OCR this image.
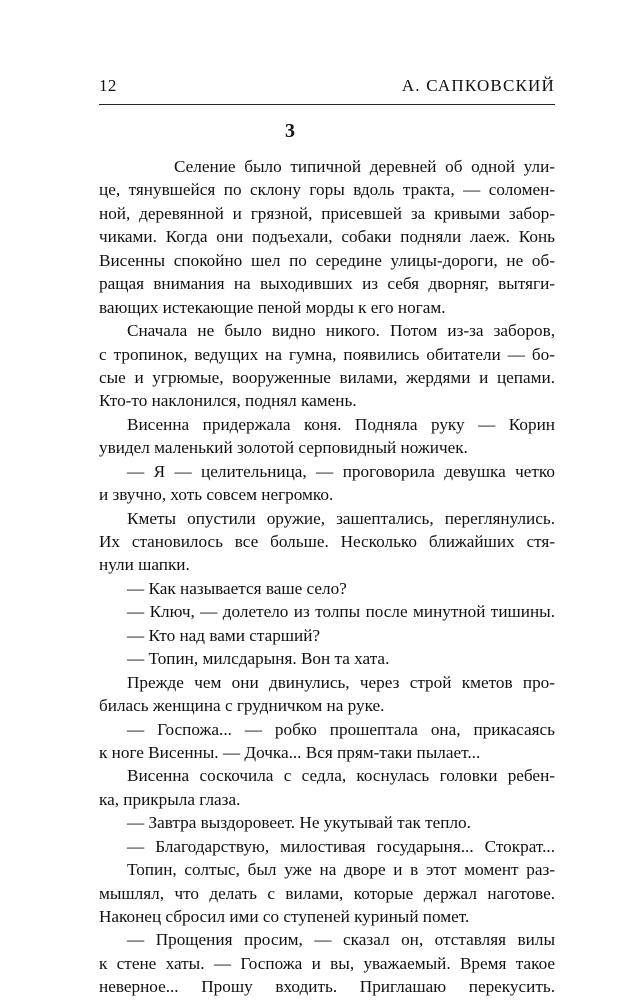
12	А. САПКОВСКИЙ
3
Селение было типичной деревней об одной ули-
це, тянувшейся по склону горы вдоль тракта, — соломен-
ной, деревянной и грязной, присевшей за кривыми забор-
чиками. Когда они подъехали, собаки подняли лаеж. Конь
Висенны спокойно шел по середине улицы-дороги, не об-
ращая внимания на выходивших из себя дворняг, вытяги-
вающих истекающие пеной морды к его ногам.
Сначала не было видно никого. Потом из-за заборов,
с тропинок, ведущих на гумна, появились обитатели — бо-
сые и угрюмые, вооруженные вилами, жердями и цепами.
Кто-то наклонился, поднял камень.
Висенна придержала коня. Подняла руку — Корин
увидел маленький золотой серповидный ножичек.
— Я — целительница, — проговорила девушка четко
и звучно, хоть совсем негромко.
Кметы опустили оружие, зашептались, переглянулись.
Их становилось все больше. Несколько ближайших стя-
нули шапки.
— Как называется ваше село?
— Ключ, — долетело из толпы после минутной тишины.
— Кто над вами старший?
— Топин, милсдарыня. Вон та хата.
Прежде чем они двинулись, через строй кметов про-
билась женщина с грудничком на руке.
— Госпожа... — робко прошептала она, прикасаясь
к ноге Висенны. — Дочка... Вся прям-таки пылает...
Висенна соскочила с седла, коснулась головки ребен-
ка, прикрыла глаза.
— Завтра выздоровеет. Не укутывай так тепло.
— Благодарствую, милостивая государыня... Стократ...
Топин, солтыс, был уже на дворе и в этот момент раз-
мышлял, что делать с вилами, которые держал наготове.
Наконец сбросил ими со ступеней куриный помет.
— Прощения просим, — сказал он, отставляя вилы
к стене хаты. — Госпожа и вы, уважаемый. Время такое
неверное... Прошу входить. Приглашаю перекусить.
